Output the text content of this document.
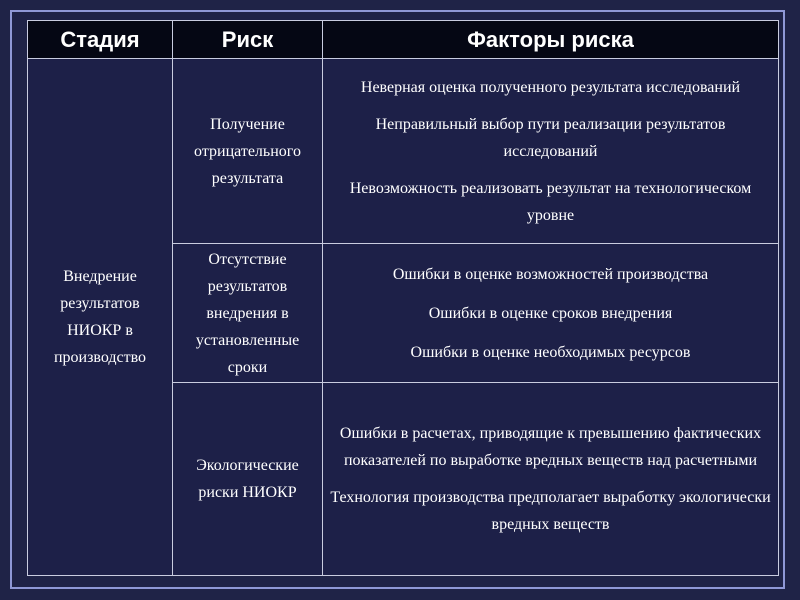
Стадия	Риск	Факторы риска
Внедрение результатов НИОКР в производство	Получение отрицательного результата	Неверная оценка полученного результата исследований
Неправильный выбор пути реализации результатов исследований
Невозможность реализовать результат на технологическом уровне

	Отсутствие результатов внедрения в установленные сроки	Ошибки в оценке возможностей производства
Ошибки в оценке сроков внедрения
Ошибки в оценке необходимых ресурсов

	Экологические риски НИОКР	Ошибки в расчетах, приводящие к превышению фактических показателей по выработке вредных веществ над расчетными
Технология производства предполагает выработку экологически вредных веществ
